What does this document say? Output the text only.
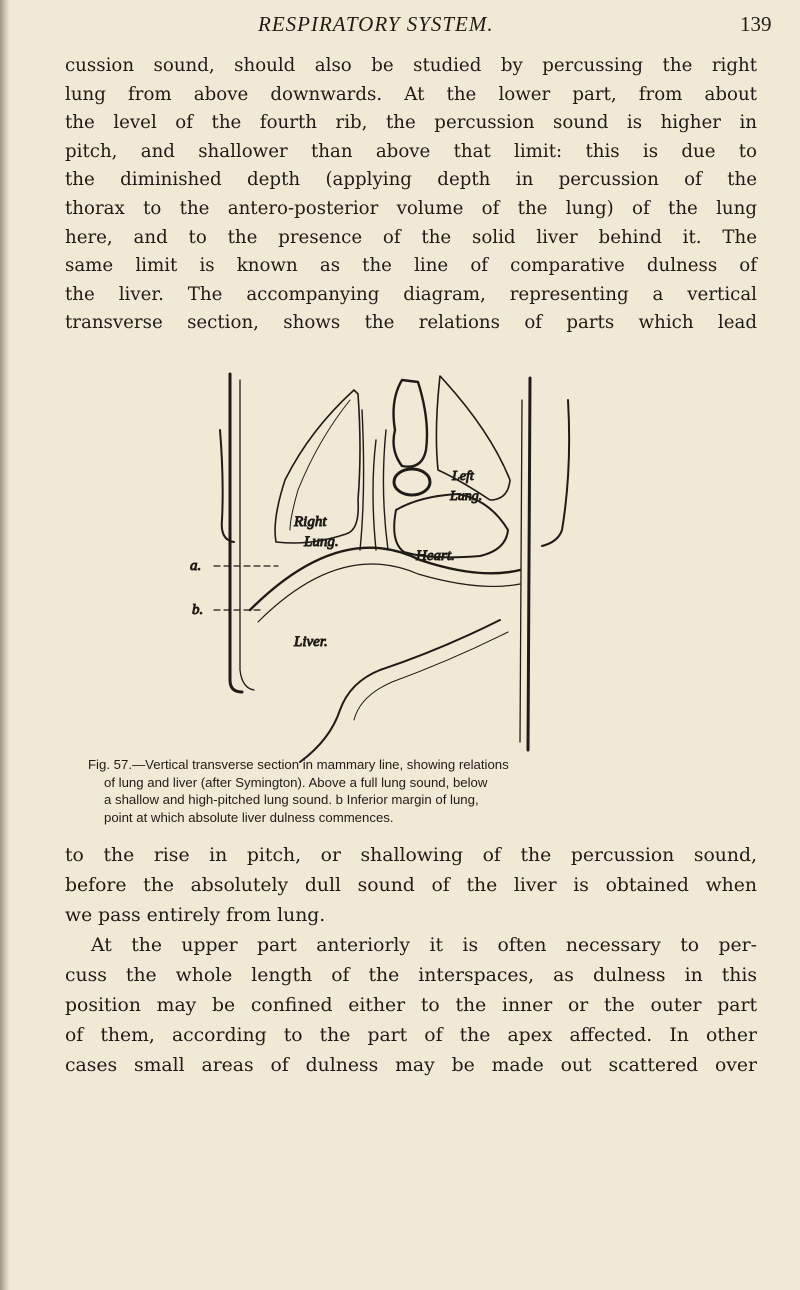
RESPIRATORY SYSTEM.	139

cussion sound, should also be studied by percussing the right
lung from above downwards. At the lower part, from about
the level of the fourth rib, the percussion sound is higher in
pitch, and shallower than above that limit: this is due to
the diminished depth (applying depth in percussion of the
thorax to the antero-posterior volume of the lung) of the lung
here, and to the presence of the solid liver behind it. The
same limit is known as the line of comparative dulness of
the liver. The accompanying diagram, representing a vertical
transverse section, shows the relations of parts which lead

Right
Lung.
Left
Lung.
Heart.
Liver.
a.
b.
Fig. 57.—Vertical transverse section in mammary line, showing relations
of lung and liver (after Symington). Above a full lung sound, below
a shallow and high-pitched lung sound. b Inferior margin of lung,
point at which absolute liver dulness commences.

to the rise in pitch, or shallowing of the percussion sound,
before the absolutely dull sound of the liver is obtained when
we pass entirely from lung.
At the upper part anteriorly it is often necessary to per-
cuss the whole length of the interspaces, as dulness in this
position may be confined either to the inner or the outer part
of them, according to the part of the apex affected. In other
cases small areas of dulness may be made out scattered over
